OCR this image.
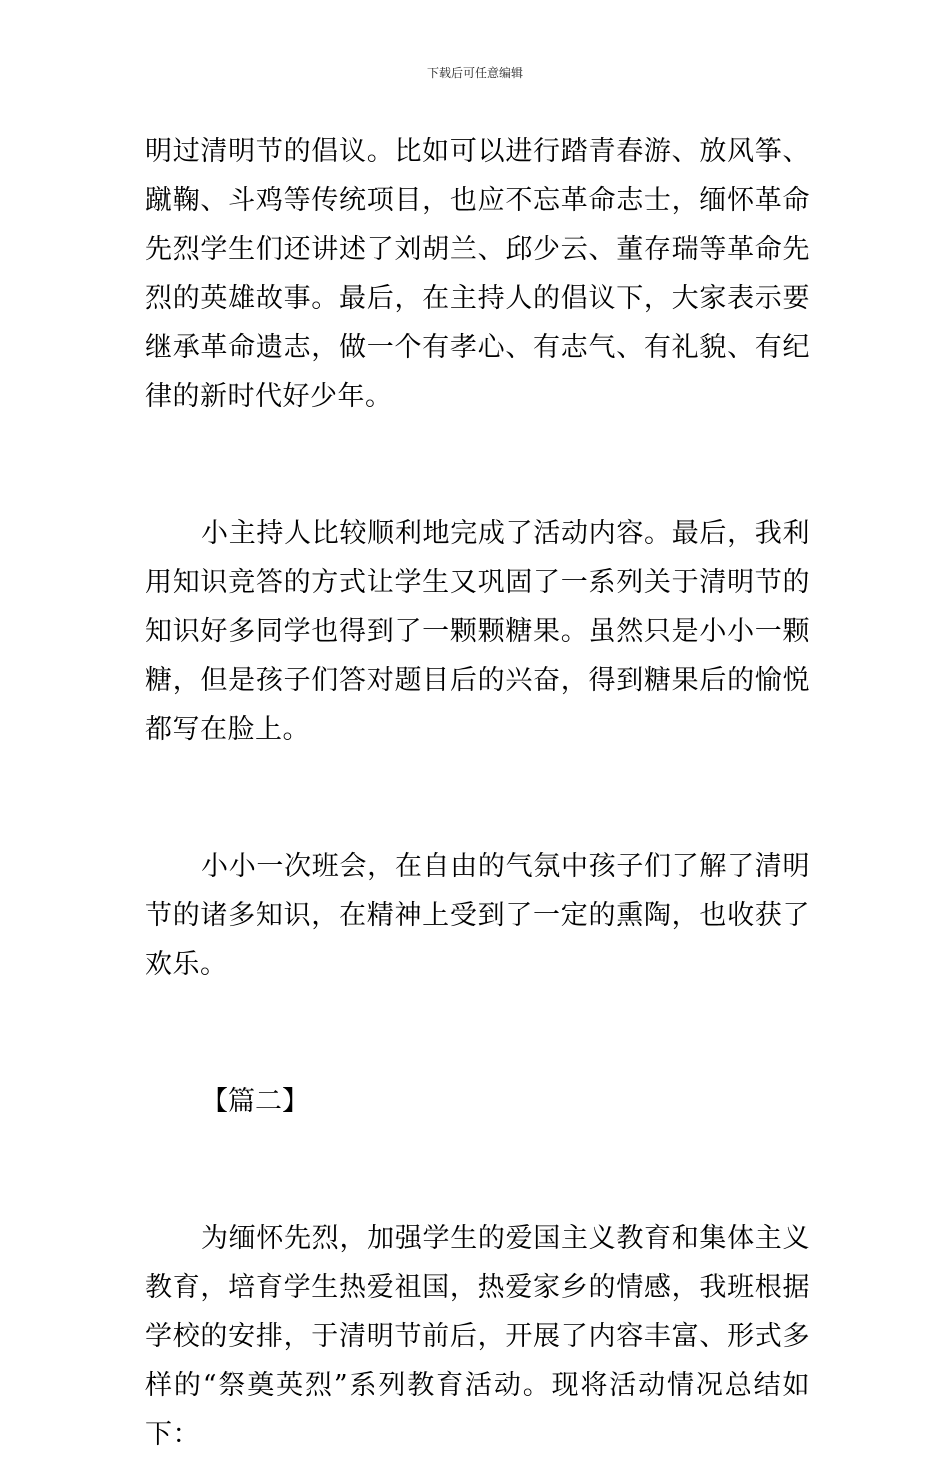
下载后可任意编辑

明过清明节的倡议。比如可以进行踏青春游、放风筝、蹴鞠、斗鸡等传统项目，也应不忘革命志士，缅怀革命先烈学生们还讲述了刘胡兰、邱少云、董存瑞等革命先烈的英雄故事。最后，在主持人的倡议下，大家表示要继承革命遗志，做一个有孝心、有志气、有礼貌、有纪律的新时代好少年。

小主持人比较顺利地完成了活动内容。最后，我利用知识竞答的方式让学生又巩固了一系列关于清明节的知识好多同学也得到了一颗颗糖果。虽然只是小小一颗糖，但是孩子们答对题目后的兴奋，得到糖果后的愉悦都写在脸上。

小小一次班会，在自由的气氛中孩子们了解了清明节的诸多知识，在精神上受到了一定的熏陶，也收获了欢乐。

【篇二】

为缅怀先烈，加强学生的爱国主义教育和集体主义教育，培育学生热爱祖国，热爱家乡的情感，我班根据学校的安排，于清明节前后，开展了内容丰富、形式多样的“祭奠英烈”系列教育活动。现将活动情况总结如下：
